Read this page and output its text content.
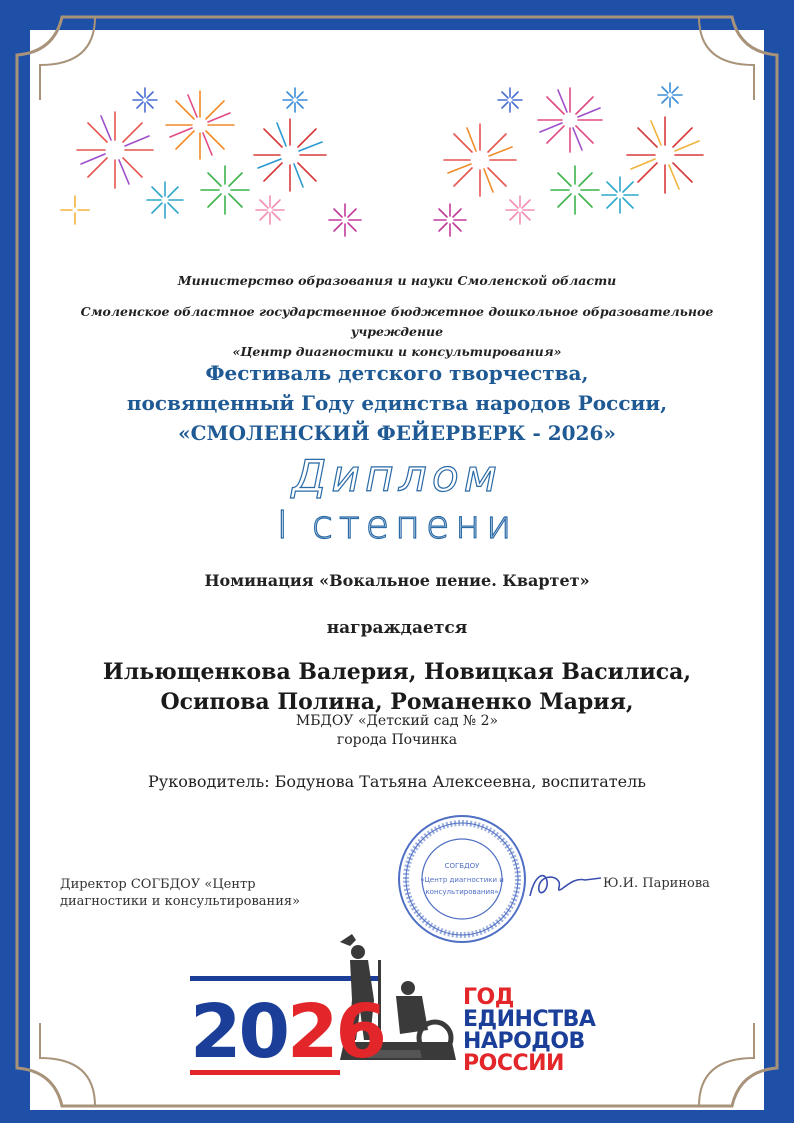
Министерство образования и науки Смоленской области
Смоленское областное государственное бюджетное дошкольное образовательное учреждение
«Центр диагностики и консультирования»
Фестиваль детского творчества,
посвященный Году единства народов России,
«СМОЛЕНСКИЙ ФЕЙЕРВЕРК - 2026»
Диплом
I степени
Номинация «Вокальное пение. Квартет»
награждается
Ильющенкова Валерия, Новицкая Василиса,
Осипова Полина, Романенко Мария,
МБДОУ «Детский сад № 2»
города Починка
Руководитель: Бодунова Татьяна Алексеевна, воспитатель
Директор СОГБДОУ «Центр
диагностики и консультирования»
СОГБДОУ
«Центр диагностики и
консультирования»
Ю.И. Паринова
2026	ГОД
ЕДИНСТВА
НАРОДОВ
РОССИИ
